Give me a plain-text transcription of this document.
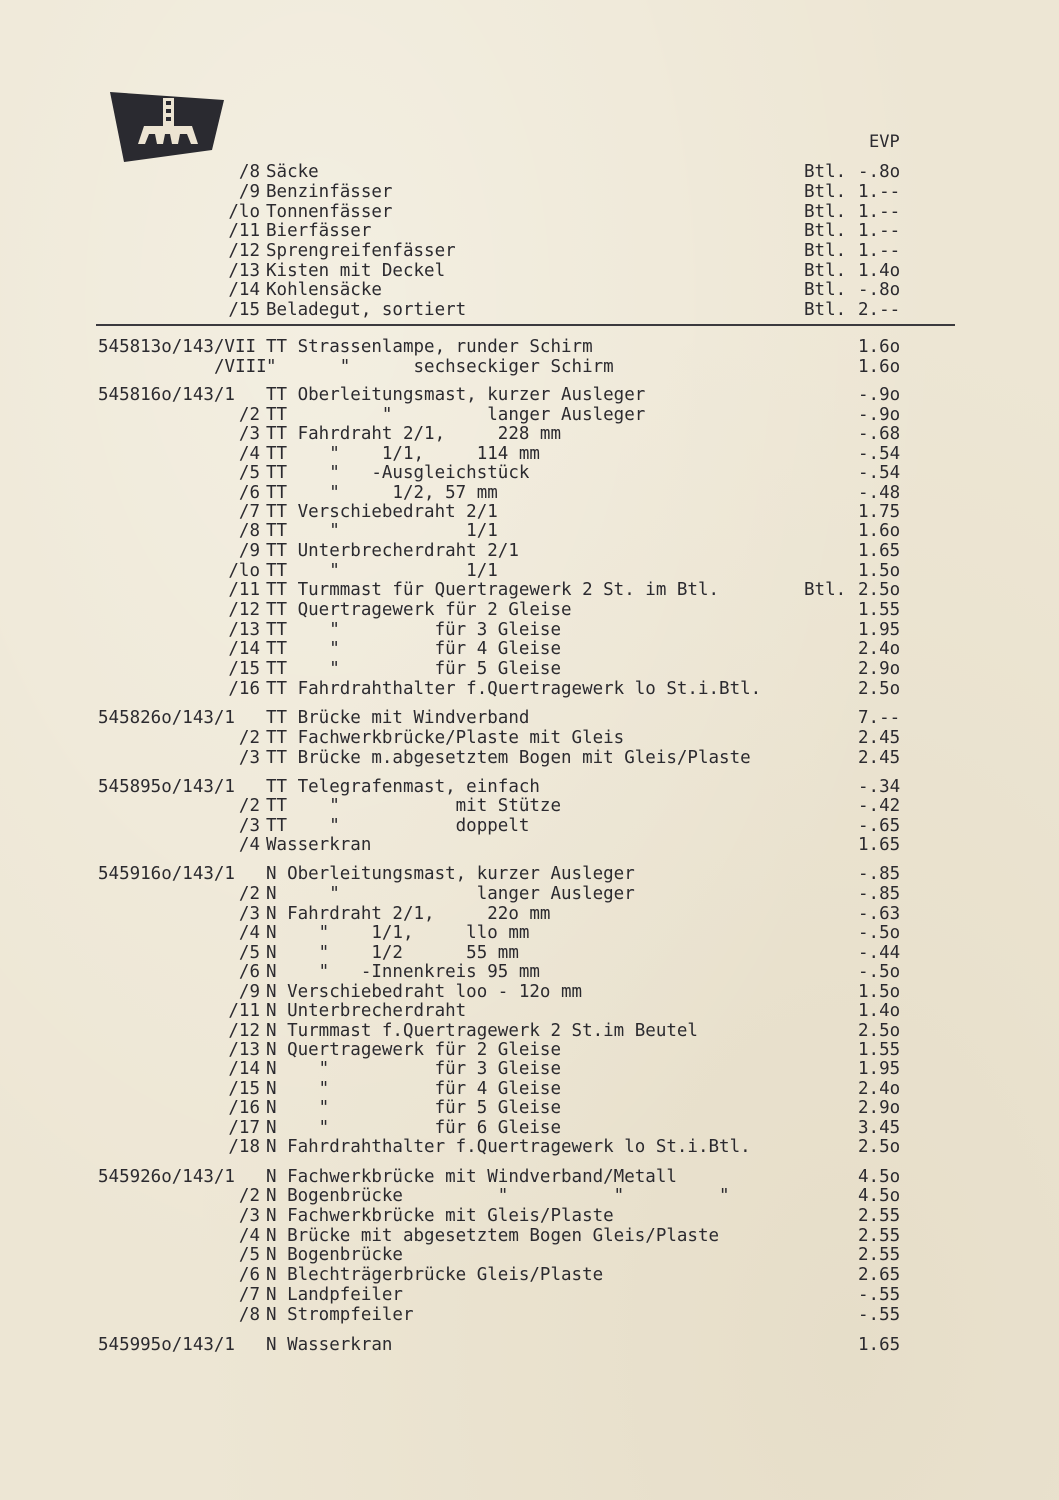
EVP
/8 Säcke	Btl. -.8o
/9 Benzinfässer	Btl. 1.--
/lo Tonnenfässer	Btl. 1.--
/11 Bierfässer	Btl. 1.--
/12 Sprengreifenfässer	Btl. 1.--
/13 Kisten mit Deckel	Btl. 1.4o
/14 Kohlensäcke	Btl. -.8o
/15 Beladegut, sortiert	Btl. 2.--
545813o/143/VII TT Strassenlampe, runder Schirm	1.6o
/VIII "      "      sechseckiger Schirm	1.6o
545816o/143/1 TT Oberleitungsmast, kurzer Ausleger	-.9o
/2 TT         "         langer Ausleger	-.9o
/3 TT Fahrdraht 2/1,     228 mm	-.68
/4 TT    "    1/1,     114 mm	-.54
/5 TT    "   -Ausgleichstück	-.54
/6 TT    "     1/2, 57 mm	-.48
/7 TT Verschiebedraht 2/1	1.75
/8 TT    "            1/1	1.6o
/9 TT Unterbrecherdraht 2/1	1.65
/lo TT    "            1/1	1.5o
/11 TT Turmmast für Quertragewerk 2 St. im Btl.	Btl. 2.5o
/12 TT Quertragewerk für 2 Gleise	1.55
/13 TT    "         für 3 Gleise	1.95
/14 TT    "         für 4 Gleise	2.4o
/15 TT    "         für 5 Gleise	2.9o
/16 TT Fahrdrahthalter f.Quertragewerk lo St.i.Btl.	2.5o
545826o/143/1 TT Brücke mit Windverband	7.--
/2 TT Fachwerkbrücke/Plaste mit Gleis	2.45
/3 TT Brücke m.abgesetztem Bogen mit Gleis/Plaste	2.45
545895o/143/1 TT Telegrafenmast, einfach	-.34
/2 TT    "           mit Stütze	-.42
/3 TT    "           doppelt	-.65
/4 Wasserkran	1.65
545916o/143/1 N Oberleitungsmast, kurzer Ausleger	-.85
/2 N     "             langer Ausleger	-.85
/3 N Fahrdraht 2/1,     22o mm	-.63
/4 N    "    1/1,     llo mm	-.5o
/5 N    "    1/2      55 mm	-.44
/6 N    "   -Innenkreis 95 mm	-.5o
/9 N Verschiebedraht loo - 12o mm	1.5o
/11 N Unterbrecherdraht	1.4o
/12 N Turmmast f.Quertragewerk 2 St.im Beutel	2.5o
/13 N Quertragewerk für 2 Gleise	1.55
/14 N    "          für 3 Gleise	1.95
/15 N    "          für 4 Gleise	2.4o
/16 N    "          für 5 Gleise	2.9o
/17 N    "          für 6 Gleise	3.45
/18 N Fahrdrahthalter f.Quertragewerk lo St.i.Btl.	2.5o
545926o/143/1 N Fachwerkbrücke mit Windverband/Metall	4.5o
/2 N Bogenbrücke         "          "         "	4.5o
/3 N Fachwerkbrücke mit Gleis/Plaste	2.55
/4 N Brücke mit abgesetztem Bogen Gleis/Plaste	2.55
/5 N Bogenbrücke	2.55
/6 N Blechträgerbrücke Gleis/Plaste	2.65
/7 N Landpfeiler	-.55
/8 N Strompfeiler	-.55
545995o/143/1 N Wasserkran	1.65
